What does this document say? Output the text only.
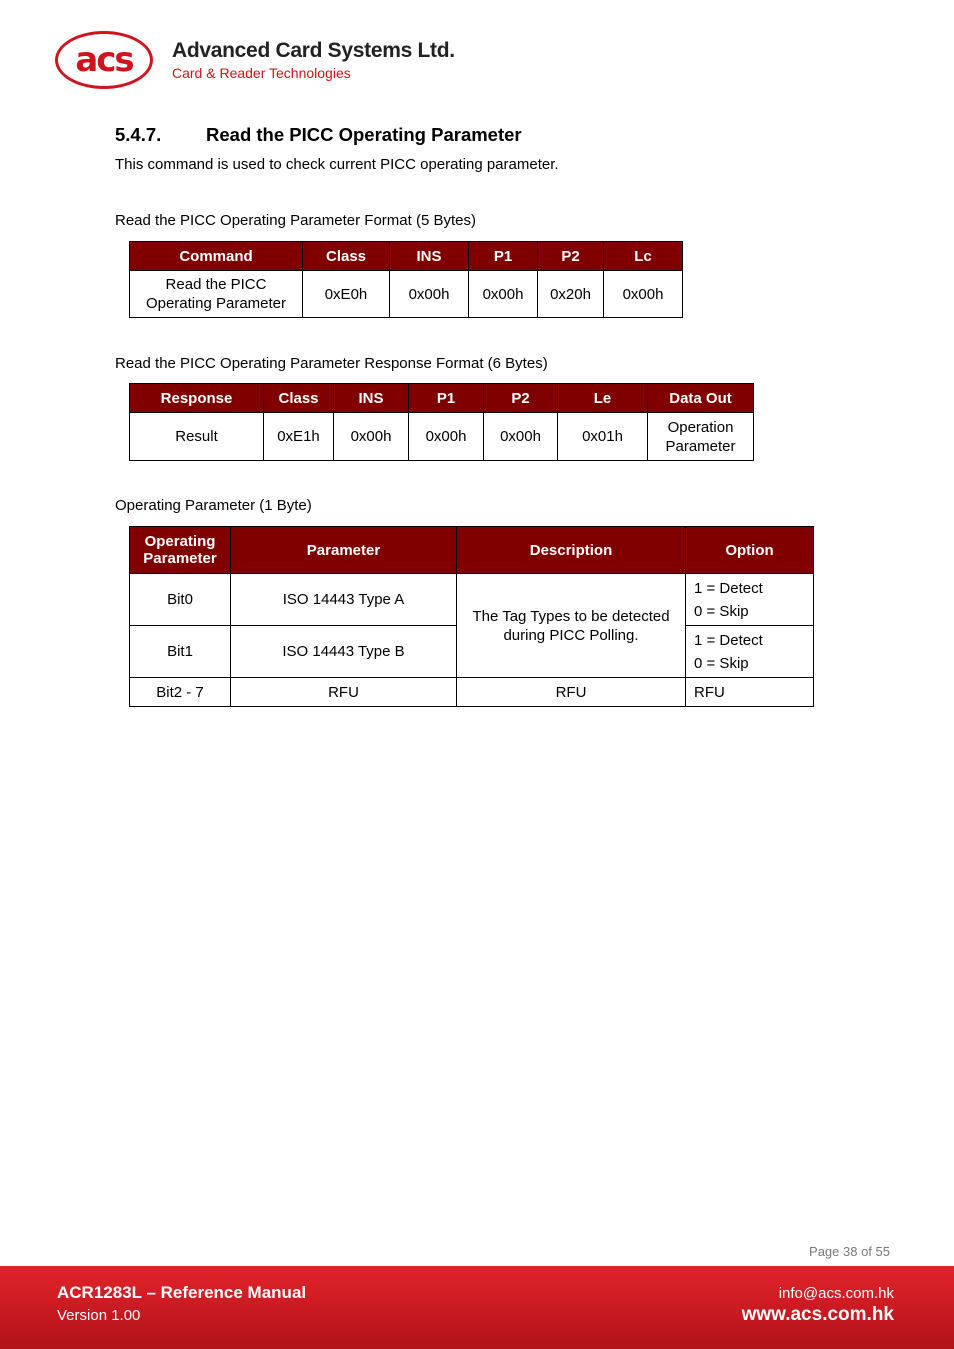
acs	Advanced Card Systems Ltd.
Card & Reader Technologies
5.4.7. Read the PICC Operating Parameter
This command is used to check current PICC operating parameter.
Read the PICC Operating Parameter Format (5 Bytes)
Command	Class	INS	P1	P2	Lc
Read the PICC Operating Parameter	0xE0h	0x00h	0x00h	0x20h	0x00h
Read the PICC Operating Parameter Response Format (6 Bytes)
Response	Class	INS	P1	P2	Le	Data Out
Result	0xE1h	0x00h	0x00h	0x00h	0x01h	Operation Parameter
Operating Parameter (1 Byte)
Operating Parameter	Parameter	Description	Option
Bit0	ISO 14443 Type A	The Tag Types to be detected during PICC Polling.	1 = Detect
0 = Skip

Bit1	ISO 14443 Type B		1 = Detect
0 = Skip

Bit2 - 7	RFU	RFU	RFU
Page 38 of 55
ACR1283L – Reference Manual
Version 1.00
info@acs.com.hk
www.acs.com.hk
